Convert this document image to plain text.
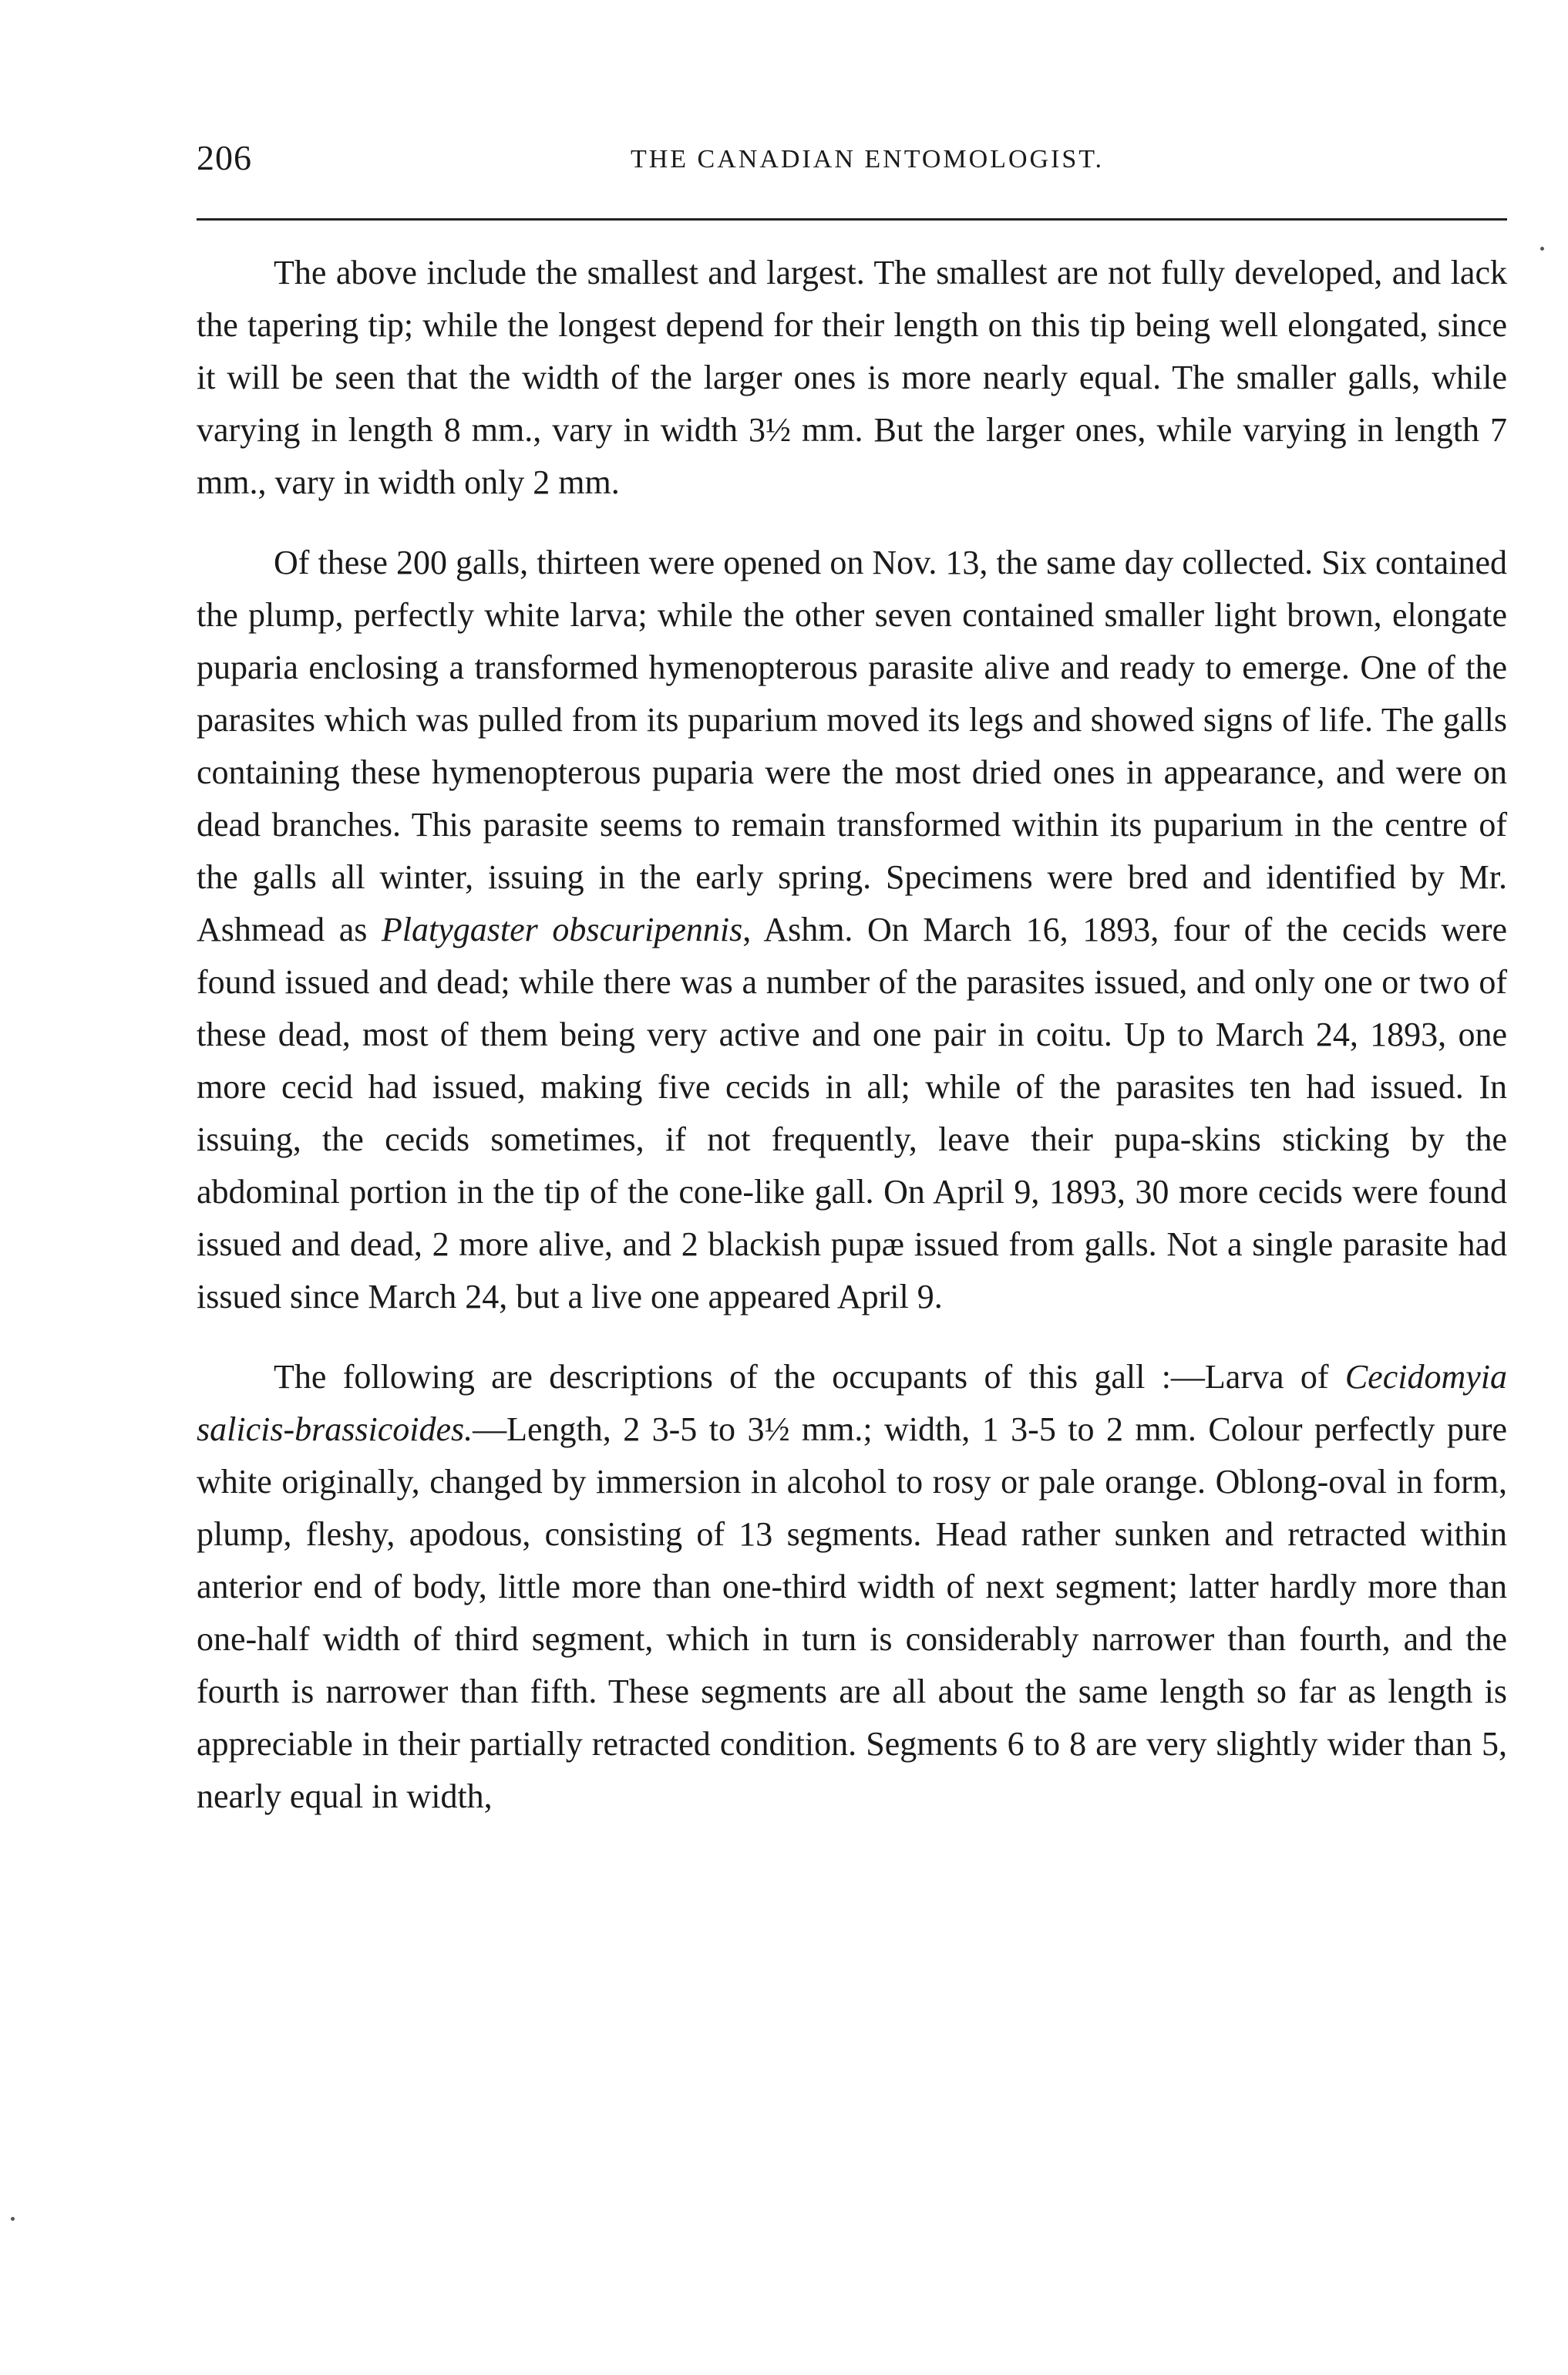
206	THE CANADIAN ENTOMOLOGIST.

The above include the smallest and largest. The smallest are not fully developed, and lack the tapering tip; while the longest depend for their length on this tip being well elongated, since it will be seen that the width of the larger ones is more nearly equal. The smaller galls, while varying in length 8 mm., vary in width 3½ mm. But the larger ones, while varying in length 7 mm., vary in width only 2 mm.

Of these 200 galls, thirteen were opened on Nov. 13, the same day collected. Six contained the plump, perfectly white larva; while the other seven contained smaller light brown, elongate puparia enclosing a transformed hymenopterous parasite alive and ready to emerge. One of the parasites which was pulled from its puparium moved its legs and showed signs of life. The galls containing these hymenopterous puparia were the most dried ones in appearance, and were on dead branches. This parasite seems to remain transformed within its puparium in the centre of the galls all winter, issuing in the early spring. Specimens were bred and identified by Mr. Ashmead as Platygaster obscuripennis, Ashm. On March 16, 1893, four of the cecids were found issued and dead; while there was a number of the parasites issued, and only one or two of these dead, most of them being very active and one pair in coitu. Up to March 24, 1893, one more cecid had issued, making five cecids in all; while of the parasites ten had issued. In issuing, the cecids sometimes, if not frequently, leave their pupa-skins sticking by the abdominal portion in the tip of the cone-like gall. On April 9, 1893, 30 more cecids were found issued and dead, 2 more alive, and 2 blackish pupæ issued from galls. Not a single parasite had issued since March 24, but a live one appeared April 9.

The following are descriptions of the occupants of this gall :—Larva of Cecidomyia salicis-brassicoides.—Length, 2 3-5 to 3½ mm.; width, 1 3-5 to 2 mm. Colour perfectly pure white originally, changed by immersion in alcohol to rosy or pale orange. Oblong-oval in form, plump, fleshy, apodous, consisting of 13 segments. Head rather sunken and retracted within anterior end of body, little more than one-third width of next segment; latter hardly more than one-half width of third segment, which in turn is considerably narrower than fourth, and the fourth is narrower than fifth. These segments are all about the same length so far as length is appreciable in their partially retracted condition. Segments 6 to 8 are very slightly wider than 5, nearly equal in width,
